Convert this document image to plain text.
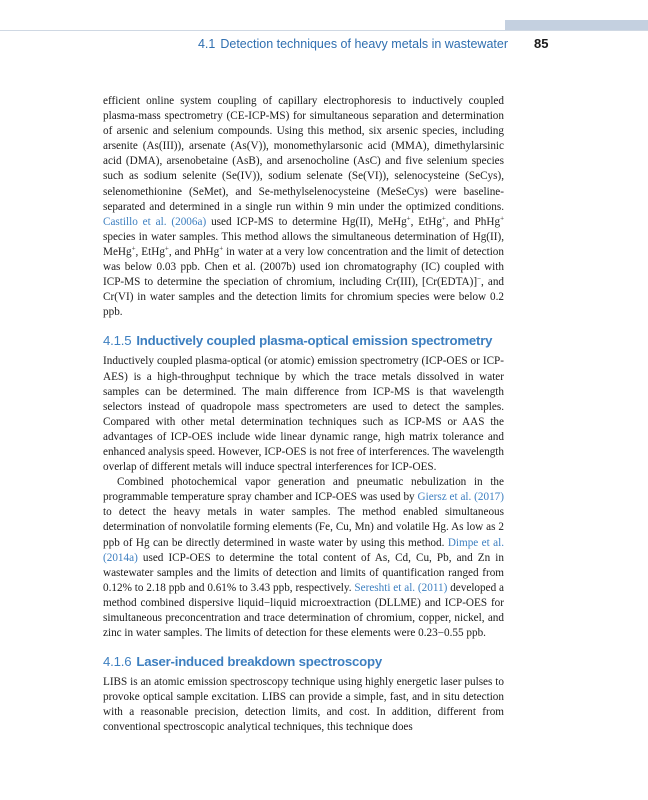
4.1 Detection techniques of heavy metals in wastewater 85

efficient online system coupling of capillary electrophoresis to inductively coupled plasma-mass spectrometry (CE-ICP-MS) for simultaneous separation and determination of arsenic and selenium compounds. Using this method, six arsenic species, including arsenite (As(III)), arsenate (As(V)), monomethylarsonic acid (MMA), dimethylarsinic acid (DMA), arsenobetaine (AsB), and arsenocholine (AsC) and five selenium species such as sodium selenite (Se(IV)), sodium selenate (Se(VI)), selenocysteine (SeCys), selenomethionine (SeMet), and Se-methylselenocysteine (MeSeCys) were baseline-separated and determined in a single run within 9 min under the optimized conditions. Castillo et al. (2006a) used ICP-MS to determine Hg(II), MeHg+, EtHg+, and PhHg+ species in water samples. This method allows the simultaneous determination of Hg(II), MeHg+, EtHg+, and PhHg+ in water at a very low concentration and the limit of detection was below 0.03 ppb. Chen et al. (2007b) used ion chromatography (IC) coupled with ICP-MS to determine the speciation of chromium, including Cr(III), [Cr(EDTA)]−, and Cr(VI) in water samples and the detection limits for chromium species were below 0.2 ppb.

4.1.5 Inductively coupled plasma-optical emission spectrometry

Inductively coupled plasma-optical (or atomic) emission spectrometry (ICP-OES or ICP-AES) is a high-throughput technique by which the trace metals dissolved in water samples can be determined. The main difference from ICP-MS is that wavelength selectors instead of quadropole mass spectrometers are used to detect the samples. Compared with other metal determination techniques such as ICP-MS or AAS the advantages of ICP-OES include wide linear dynamic range, high matrix tolerance and enhanced analysis speed. However, ICP-OES is not free of interferences. The wavelength overlap of different metals will induce spectral interferences for ICP-OES.

Combined photochemical vapor generation and pneumatic nebulization in the programmable temperature spray chamber and ICP-OES was used by Giersz et al. (2017) to detect the heavy metals in water samples. The method enabled simultaneous determination of nonvolatile forming elements (Fe, Cu, Mn) and volatile Hg. As low as 2 ppb of Hg can be directly determined in waste water by using this method. Dimpe et al. (2014a) used ICP-OES to determine the total content of As, Cd, Cu, Pb, and Zn in wastewater samples and the limits of detection and limits of quantification ranged from 0.12% to 2.18 ppb and 0.61% to 3.43 ppb, respectively. Sereshti et al. (2011) developed a method combined dispersive liquid−liquid microextraction (DLLME) and ICP-OES for simultaneous preconcentration and trace determination of chromium, copper, nickel, and zinc in water samples. The limits of detection for these elements were 0.23−0.55 ppb.

4.1.6 Laser-induced breakdown spectroscopy

LIBS is an atomic emission spectroscopy technique using highly energetic laser pulses to provoke optical sample excitation. LIBS can provide a simple, fast, and in situ detection with a reasonable precision, detection limits, and cost. In addition, different from conventional spectroscopic analytical techniques, this technique does
